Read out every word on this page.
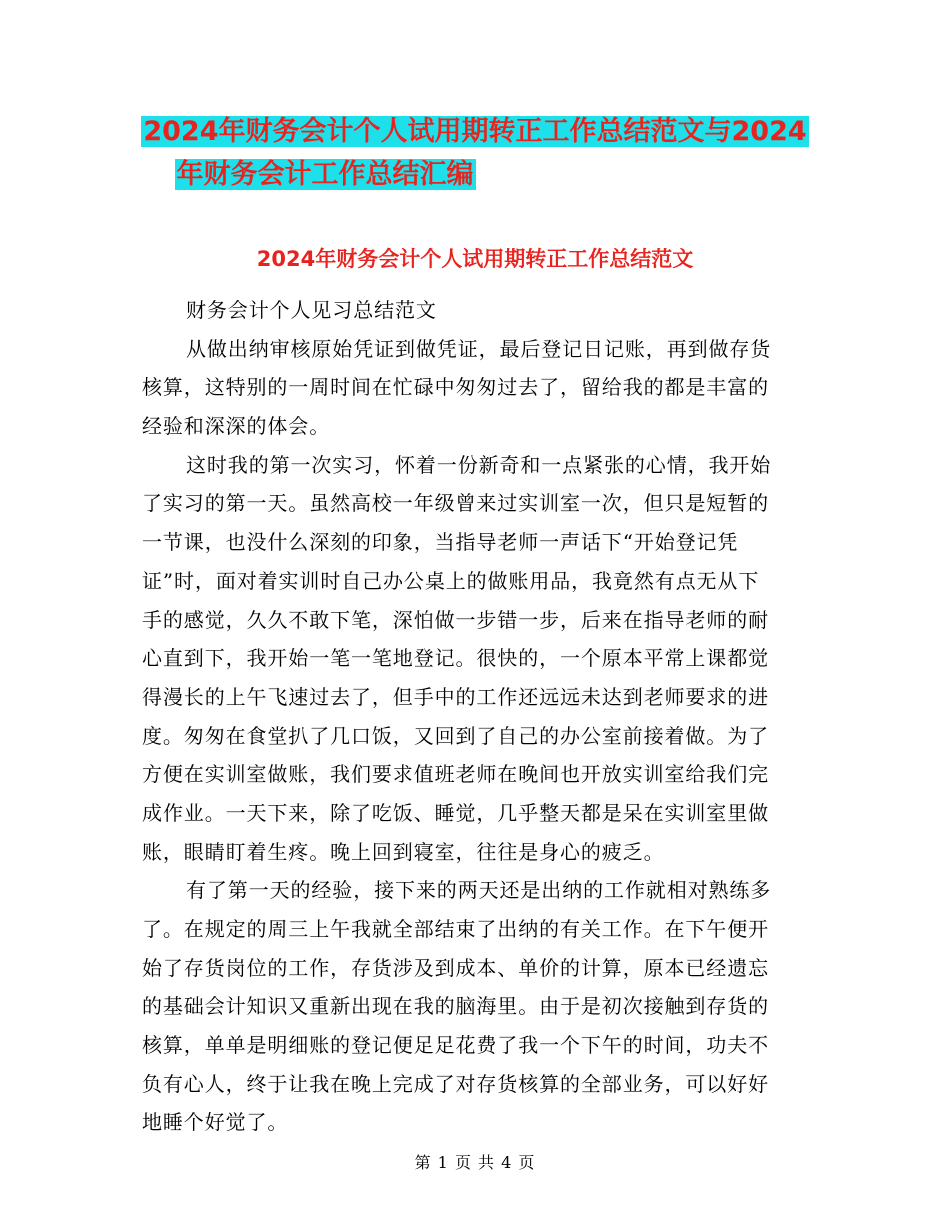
2024年财务会计个人试用期转正工作总结范文与2024
年财务会计工作总结汇编
2024年财务会计个人试用期转正工作总结范文
财务会计个人见习总结范文
从做出纳审核原始凭证到做凭证，最后登记日记账，再到做存货
核算，这特别的一周时间在忙碌中匆匆过去了，留给我的都是丰富的
经验和深深的体会。
这时我的第一次实习，怀着一份新奇和一点紧张的心情，我开始
了实习的第一天。虽然高校一年级曾来过实训室一次，但只是短暂的
一节课，也没什么深刻的印象，当指导老师一声话下“开始登记凭
证”时，面对着实训时自己办公桌上的做账用品，我竟然有点无从下
手的感觉，久久不敢下笔，深怕做一步错一步，后来在指导老师的耐
心直到下，我开始一笔一笔地登记。很快的，一个原本平常上课都觉
得漫长的上午飞速过去了，但手中的工作还远远未达到老师要求的进
度。匆匆在食堂扒了几口饭，又回到了自己的办公室前接着做。为了
方便在实训室做账，我们要求值班老师在晚间也开放实训室给我们完
成作业。一天下来，除了吃饭、睡觉，几乎整天都是呆在实训室里做
账，眼睛盯着生疼。晚上回到寝室，往往是身心的疲乏。
有了第一天的经验，接下来的两天还是出纳的工作就相对熟练多
了。在规定的周三上午我就全部结束了出纳的有关工作。在下午便开
始了存货岗位的工作，存货涉及到成本、单价的计算，原本已经遗忘
的基础会计知识又重新出现在我的脑海里。由于是初次接触到存货的
核算，单单是明细账的登记便足足花费了我一个下午的时间，功夫不
负有心人，终于让我在晚上完成了对存货核算的全部业务，可以好好
地睡个好觉了。
第 1 页 共 4 页
